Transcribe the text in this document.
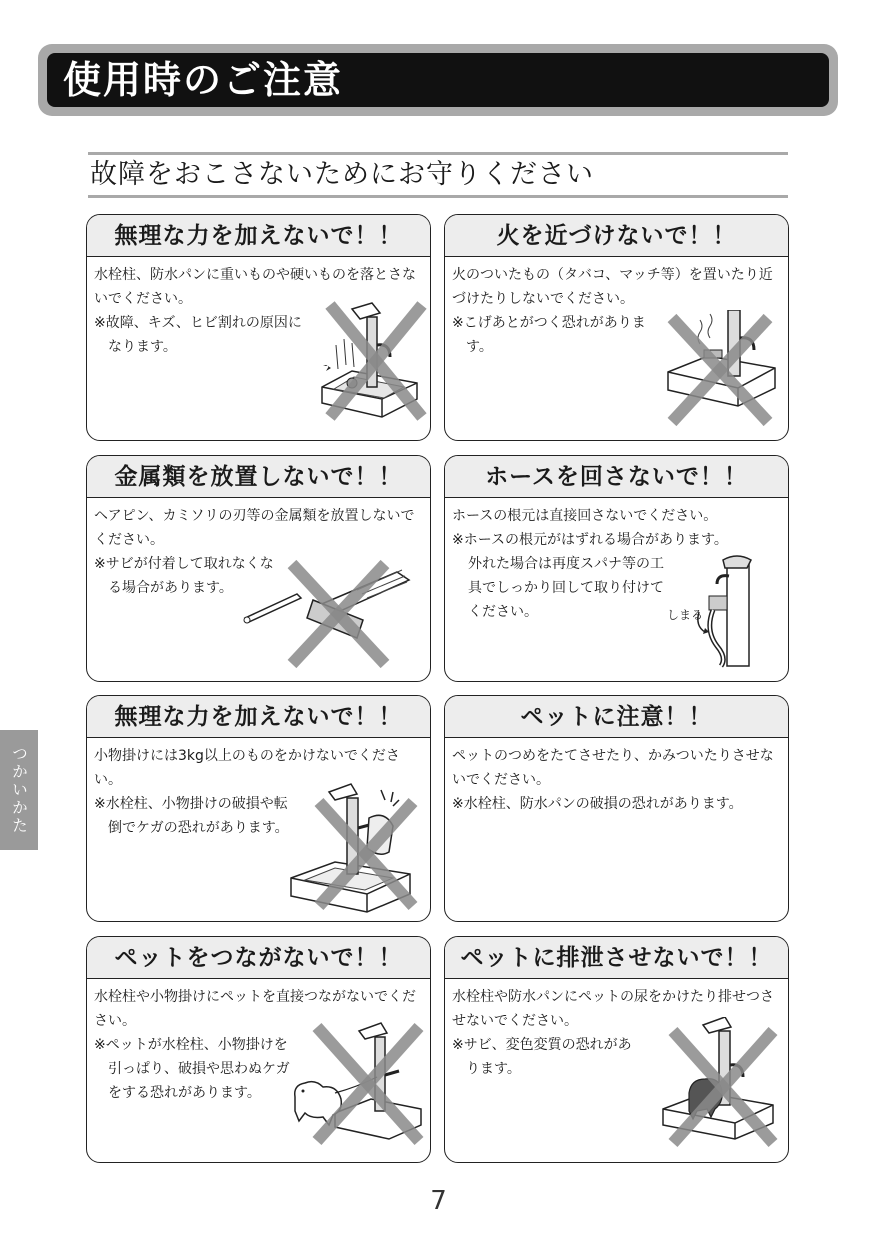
使用時のご注意
故障をおこさないためにお守りください
つかいかた
無理な力を加えないで！！
水栓柱、防水パンに重いものや硬いものを落とさないでください。
※故障、キズ、ヒビ割れの原因になります。
火を近づけないで！！
火のついたもの（タバコ、マッチ等）を置いたり近づけたりしないでください。
※こげあとがつく恐れがあります。
金属類を放置しないで！！
ヘアピン、カミソリの刃等の金属類を放置しないでください。
※サビが付着して取れなくなる場合があります。
ホースを回さないで！！
ホースの根元は直接回さないでください。
※ホースの根元がはずれる場合があります。
外れた場合は再度スパナ等の工具でしっかり回して取り付けてください。	しまる
無理な力を加えないで！！
小物掛けには3kg以上のものをかけないでください。
※水栓柱、小物掛けの破損や転倒でケガの恐れがあります。
ペットに注意！！
ペットのつめをたてさせたり、かみついたりさせないでください。
※水栓柱、防水パンの破損の恐れがあります。
ペットをつながないで！！
水栓柱や小物掛けにペットを直接つながないでください。
※ペットが水栓柱、小物掛けを引っぱり、破損や思わぬケガをする恐れがあります。
ペットに排泄させないで！！
水栓柱や防水パンにペットの尿をかけたり排せつさせないでください。
※サビ、変色変質の恐れがあります。
7
